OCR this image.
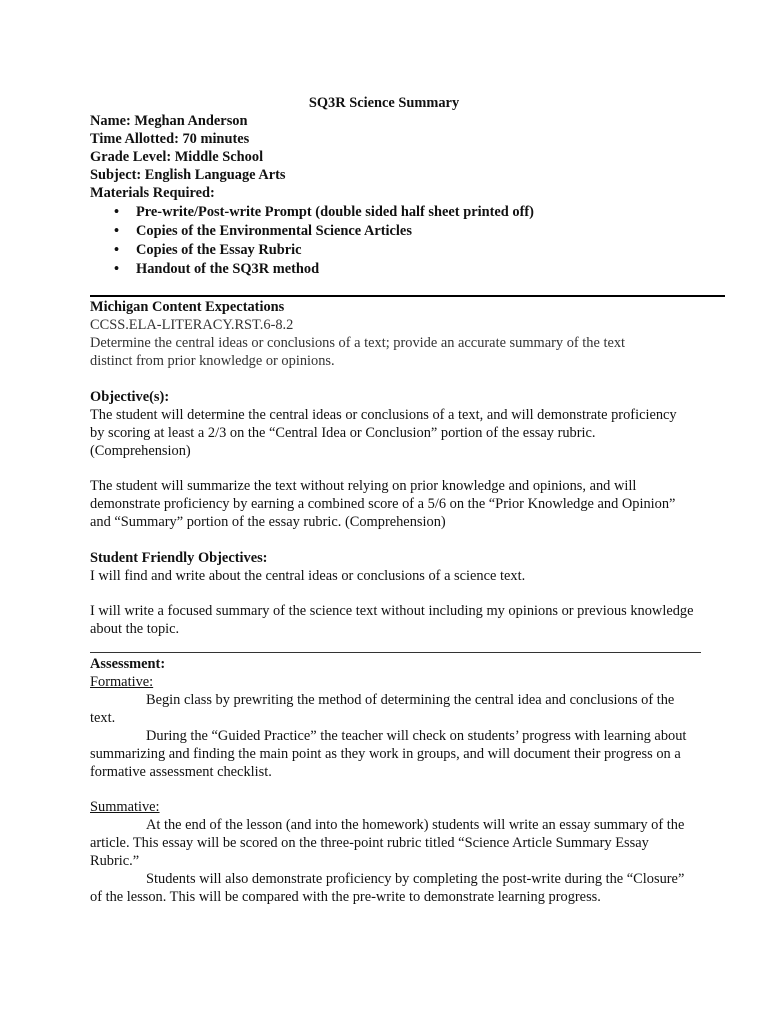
SQ3R Science Summary
Name: Meghan Anderson
Time Allotted: 70 minutes
Grade Level: Middle School
Subject: English Language Arts
Materials Required:
• Pre-write/Post-write Prompt (double sided half sheet printed off)
• Copies of the Environmental Science Articles
• Copies of the Essay Rubric
• Handout of the SQ3R method
Michigan Content Expectations
CCSS.ELA-LITERACY.RST.6-8.2
Determine the central ideas or conclusions of a text; provide an accurate summary of the text
distinct from prior knowledge or opinions.
Objective(s):
The student will determine the central ideas or conclusions of a text, and will demonstrate proficiency
by scoring at least a 2/3 on the “Central Idea or Conclusion” portion of the essay rubric.
(Comprehension)
The student will summarize the text without relying on prior knowledge and opinions, and will
demonstrate proficiency by earning a combined score of a 5/6 on the “Prior Knowledge and Opinion”
and “Summary” portion of the essay rubric. (Comprehension)
Student Friendly Objectives:
I will find and write about the central ideas or conclusions of a science text.
I will write a focused summary of the science text without including my opinions or previous knowledge
about the topic.
Assessment:
Formative:
Begin class by prewriting the method of determining the central idea and conclusions of the
text.
During the “Guided Practice” the teacher will check on students’ progress with learning about
summarizing and finding the main point as they work in groups, and will document their progress on a
formative assessment checklist.
Summative:
At the end of the lesson (and into the homework) students will write an essay summary of the
article. This essay will be scored on the three-point rubric titled “Science Article Summary Essay
Rubric.”
Students will also demonstrate proficiency by completing the post-write during the “Closure”
of the lesson. This will be compared with the pre-write to demonstrate learning progress.
